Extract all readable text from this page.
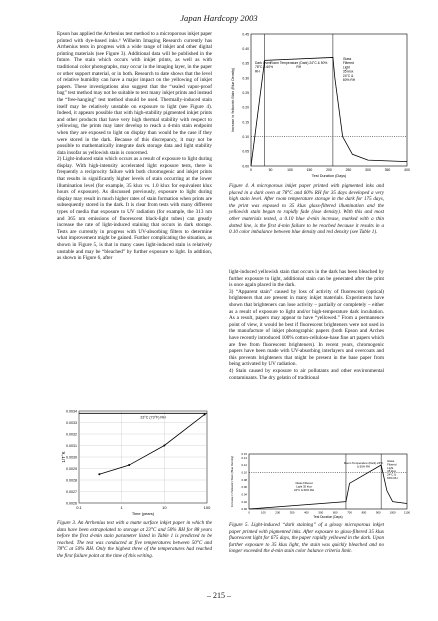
Japan Hardcopy 2003

Epson has applied the Arrhenius test method to a microporous inkjet paper printed with dye-based inks.⁶ Wilhelm Imaging Research currently has Arrhenius tests in progress with a wide range of inkjet and other digital printing materials (see Figure 3). Additional data will be published in the future. The stain which occurs with inkjet prints, as well as with traditional color photographs, may occur in the imaging layer, in the paper or other support material, or in both. Research to date shows that the level of relative humidity can have a major impact on the yellowing of inkjet papers. These investigations also suggest that the “sealed vapor-proof bag” test method may not be suitable to test many inkjet prints and instead the “free-hanging” test method should be used. Thermally-induced stain itself may be relatively unstable on exposure to light (see Figure 4). Indeed, it appears possible that with high-stability pigmented inkjet prints and other products that have very high thermal stability with respect to yellowing, the prints may later develop to reach a d-min stain endpoint when they are exposed to light on display than would be the case if they were stored in the dark. Because of this discrepancy, it may not be possible to mathematically integrate dark storage data and light stability data insofar as yellowish stain is concerned.

2) Light-induced stain which occurs as a result of exposure to light during display. With high-intensity accelerated light exposure tests, there is frequently a reciprocity failure with both chromogenic and inkjet prints that results in significantly higher levels of stain occurring at the lower illumination level (for example, 35 klux vs. 1.0 klux for equivalent klux hours of exposure). As discussed previously, exposure to light during display may result in much higher rates of stain formation when prints are subsequently stored in the dark. It is clear from tests with many different types of media that exposure to UV radiation (for example, the 313 nm and 365 nm emissions of fluorescent black-light tubes) can greatly increase the rate of light-induced staining that occurs in dark storage. Tests are currently in progress with UV-absorbing filters to determine what improvement might be gained. Further complicating the situation, as shown in Figure 5, is that in many cases light-induced stain is relatively unstable and may be “bleached” by further exposure to light. In addition, as shown in Figure 6, after

0.0026
0.0027
0.0028
0.0029
0.0030
0.0031
0.0032
0.0033
0.0034
0.1	1	10	100
23°C (73°F) RH
Time (years)
1/T°K
Figure 3. An Arrhenius test with a matte surface inkjet paper in which the data have been extrapolated to storage at 23°C and 50% RH for 88 years before the first d-min stain parameter listed in Table 1 is predicted to be reached. The test was conducted at five temperatures between 50°C and 78°C at 50% RH. Only the highest three of the temperatures had reached the first failure point at the time of this writing.
0.00
0.05
0.10
0.15
0.20
0.25
0.30
0.35
0.40
0.45
0	50	100	150	200	250	300	350	400
Dark Oven
78°C & 60%
RH
Room Temperature (Dark) 24°C & 50%
RH
Glass
Filtered
Light
35 klux
24°C &
60% RH
Test Duration (Days)
Increase in Yellowish Stain (Blue Density)
Figure 4. A microporous inkjet paper printed with pigmented inks and placed in a dark oven at 78°C and 60% RH for 35 days developed a very high stain level. After room temperature storage in the dark for 175 days, the print was exposed to 35 klux glass-filtered illumination and the yellowish stain began to rapidly fade (lose density). With this and most other materials tested, a 0.10 blue d-min increase, marked with a thin dotted line, is the first d-min failure to be reached because it results in a 0.10 color imbalance between blue density and red density (see Table 1).

light-induced yellowish stain that occurs in the dark has been bleached by further exposure to light, additional stain can be generated after the print is once again placed in the dark.

3) “Apparent stain” caused by loss of activity of fluorescent (optical) brighteners that are present in many inkjet materials. Experiments have shown that brighteners can lose activity – partially or completely – either as a result of exposure to light and/or high-temperature dark incubation. As a result, papers may appear to have “yellowed.” From a permanence point of view, it would be best if fluorescent brighteners were not used in the manufacture of inkjet photographic papers (both Epson and Arches have recently introduced 100% cotton-cellulose-base fine art papers which are free from fluorescent brighteners). In recent years, chromogenic papers have been made with UV-absorbing interlayers and overcoats and this prevents brighteners that might be present in the base paper from being activated by UV radiation.

4) Stain caused by exposure to air pollutants and other environmental contaminants. The dry gelatin of traditional

0.00
0.02
0.04
0.06
0.08
0.10
0.12
0.14
0.15
0	100	200	300	400	500	600	700	800	900	1000	1100
Glass Filtered
Light 35 klux
24°C & 60% RH
Room Temperature (Dark) 24°C
& 50% RH
Glass
Filtered
Light
35 klux
24°C &
60% RH
Test Duration (Days)
Increase in Yellowish Stain (Blue Density)
Figure 5. Light-induced “dark staining” of a glossy microporous inkjet paper printed with pigmented inks. After exposure to glass-filtered 35 klux fluorescent light for 675 days, the paper rapidly yellowed in the dark. Upon further exposure to 35 klux light, the stain was quickly bleached and no longer exceeded the d-min stain color balance criteria limit.
– 215 –
